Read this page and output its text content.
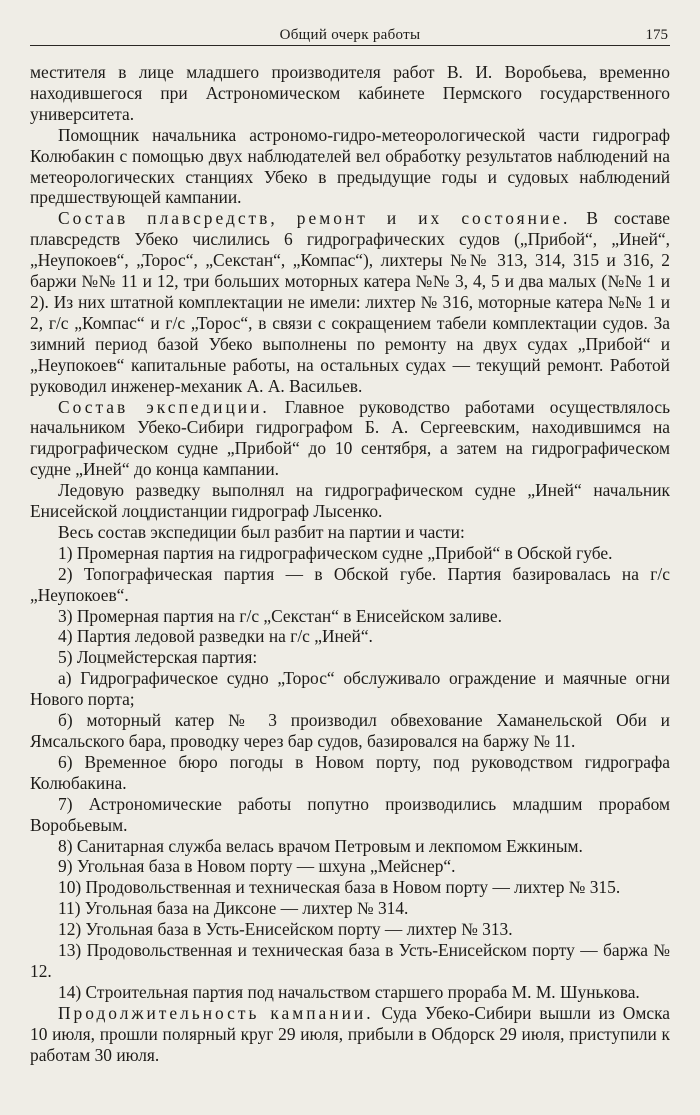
Общий очерк работы	175

местителя в лице младшего производителя работ В. И. Воробьева, временно находившегося при Астрономическом кабинете Пермского государственного университета.

Помощник начальника астрономо-гидро-метеорологической части гидрограф Колюбакин с помощью двух наблюдателей вел обработку результатов наблюдений на метеорологических станциях Убеко в предыдущие годы и судовых наблюдений предшествующей кампании.

Состав плавсредств, ремонт и их состояние. В составе плавсредств Убеко числились 6 гидрографических судов („Прибой“, „Иней“, „Неупокоев“, „Торос“, „Секстан“, „Компас“), лихтеры №№ 313, 314, 315 и 316, 2 баржи №№ 11 и 12, три больших моторных катера №№ 3, 4, 5 и два малых (№№ 1 и 2). Из них штатной комплектации не имели: лихтер № 316, моторные катера №№ 1 и 2, г/с „Компас“ и г/с „Торос“, в связи с сокращением табели комплектации судов. За зимний период базой Убеко выполнены по ремонту на двух судах „Прибой“ и „Неупокоев“ капитальные работы, на остальных судах — текущий ремонт. Работой руководил инженер-механик А. А. Васильев.

Состав экспедиции. Главное руководство работами осуществлялось начальником Убеко-Сибири гидрографом Б. А. Сергеевским, находившимся на гидрографическом судне „Прибой“ до 10 сентября, а затем на гидрографическом судне „Иней“ до конца кампании.

Ледовую разведку выполнял на гидрографическом судне „Иней“ начальник Енисейской лоцдистанции гидрограф Лысенко.

Весь состав экспедиции был разбит на партии и части:

1) Промерная партия на гидрографическом судне „Прибой“ в Обской губе.

2) Топографическая партия — в Обской губе. Партия базировалась на г/с „Неупокоев“.

3) Промерная партия на г/с „Секстан“ в Енисейском заливе.

4) Партия ледовой разведки на г/с „Иней“.

5) Лоцмейстерская партия:

а) Гидрографическое судно „Торос“ обслуживало ограждение и маячные огни Нового порта;

б) моторный катер № 3 производил обвехование Хаманельской Оби и Ямсальского бара, проводку через бар судов, базировался на баржу № 11.

6) Временное бюро погоды в Новом порту, под руководством гидрографа Колюбакина.

7) Астрономические работы попутно производились младшим прорабом Воробьевым.

8) Санитарная служба велась врачом Петровым и лекпомом Ежкиным.

9) Угольная база в Новом порту — шхуна „Мейснер“.

10) Продовольственная и техническая база в Новом порту — лихтер № 315.

11) Угольная база на Диксоне — лихтер № 314.

12) Угольная база в Усть-Енисейском порту — лихтер № 313.

13) Продовольственная и техническая база в Усть-Енисейском порту — баржа № 12.

14) Строительная партия под начальством старшего прораба М. М. Шунькова.

Продолжительность кампании. Суда Убеко-Сибири вышли из Омска 10 июля, прошли полярный круг 29 июля, прибыли в Обдорск 29 июля, приступили к работам 30 июля.
